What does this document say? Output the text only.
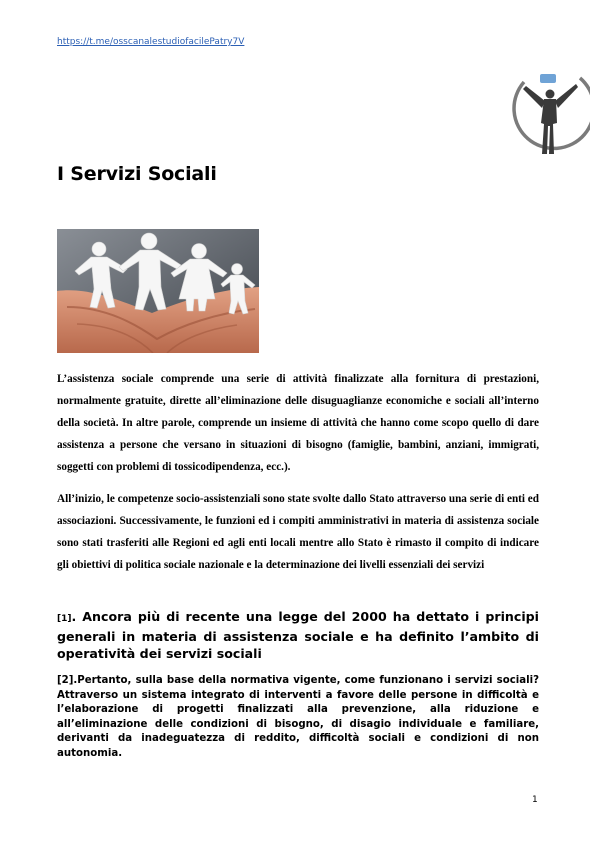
https://t.me/osscanalestudiofacilePatry7V
I Servizi Sociali

L’assistenza sociale comprende una serie di attività finalizzate alla fornitura di prestazioni, normalmente gratuite, dirette all’eliminazione delle disuguaglianze economiche e sociali all’interno della società. In altre parole, comprende un insieme di attività che hanno come scopo quello di dare assistenza a persone che versano in situazioni di bisogno (famiglie, bambini, anziani, immigrati, soggetti con problemi di tossicodipendenza, ecc.).

All’inizio, le competenze socio-assistenziali sono state svolte dallo Stato attraverso una serie di enti ed associazioni. Successivamente, le funzioni ed i compiti amministrativi in materia di assistenza sociale sono stati trasferiti alle Regioni ed agli enti locali mentre allo Stato è rimasto il compito di indicare gli obiettivi di politica sociale nazionale e la determinazione dei livelli essenziali dei servizi

[1]. Ancora più di recente una legge del 2000 ha dettato i principi generali in materia di assistenza sociale e ha definito l’ambito di operatività dei servizi sociali

[2].Pertanto, sulla base della normativa vigente, come funzionano i servizi sociali? Attraverso un sistema integrato di interventi a favore delle persone in difficoltà e l’elaborazione di progetti finalizzati alla prevenzione, alla riduzione e all’eliminazione delle condizioni di bisogno, di disagio individuale e familiare, derivanti da inadeguatezza di reddito, difficoltà sociali e condizioni di non autonomia.

1
